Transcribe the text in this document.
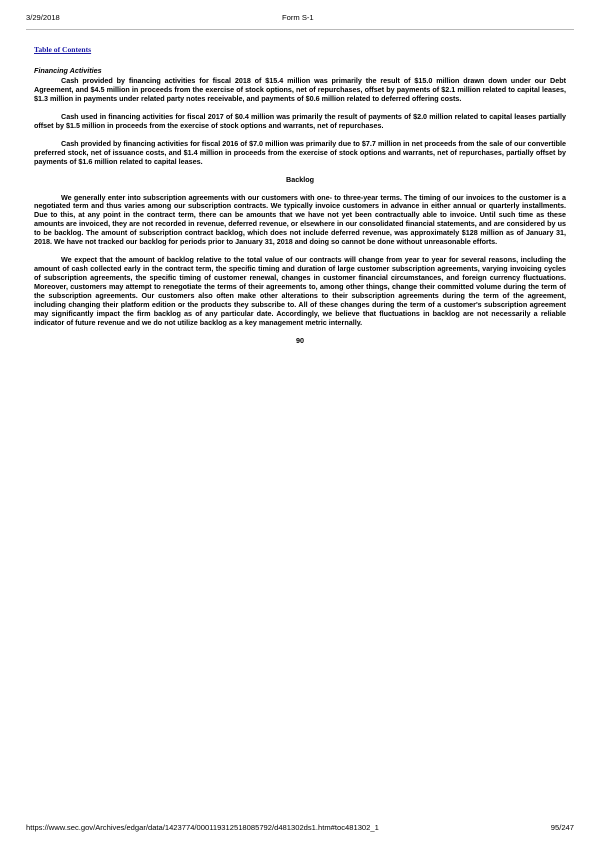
3/29/2018	Form S-1
Table of Contents

Financing Activities

Cash provided by financing activities for fiscal 2018 of $15.4 million was primarily the result of $15.0 million drawn down under our Debt Agreement, and $4.5 million in proceeds from the exercise of stock options, net of repurchases, offset by payments of $2.1 million related to capital leases, $1.3 million in payments under related party notes receivable, and payments of $0.6 million related to deferred offering costs.

Cash used in financing activities for fiscal 2017 of $0.4 million was primarily the result of payments of $2.0 million related to capital leases partially offset by $1.5 million in proceeds from the exercise of stock options and warrants, net of repurchases.

Cash provided by financing activities for fiscal 2016 of $7.0 million was primarily due to $7.7 million in net proceeds from the sale of our convertible preferred stock, net of issuance costs, and $1.4 million in proceeds from the exercise of stock options and warrants, net of repurchases, partially offset by payments of $1.6 million related to capital leases.

Backlog

We generally enter into subscription agreements with our customers with one- to three-year terms. The timing of our invoices to the customer is a negotiated term and thus varies among our subscription contracts. We typically invoice customers in advance in either annual or quarterly installments. Due to this, at any point in the contract term, there can be amounts that we have not yet been contractually able to invoice. Until such time as these amounts are invoiced, they are not recorded in revenue, deferred revenue, or elsewhere in our consolidated financial statements, and are considered by us to be backlog. The amount of subscription contract backlog, which does not include deferred revenue, was approximately $128 million as of January 31, 2018. We have not tracked our backlog for periods prior to January 31, 2018 and doing so cannot be done without unreasonable efforts.

We expect that the amount of backlog relative to the total value of our contracts will change from year to year for several reasons, including the amount of cash collected early in the contract term, the specific timing and duration of large customer subscription agreements, varying invoicing cycles of subscription agreements, the specific timing of customer renewal, changes in customer financial circumstances, and foreign currency fluctuations. Moreover, customers may attempt to renegotiate the terms of their agreements to, among other things, change their committed volume during the term of the subscription agreements. Our customers also often make other alterations to their subscription agreements during the term of the agreement, including changing their platform edition or the products they subscribe to. All of these changes during the term of a customer's subscription agreement may significantly impact the firm backlog as of any particular date. Accordingly, we believe that fluctuations in backlog are not necessarily a reliable indicator of future revenue and we do not utilize backlog as a key management metric internally.

90
https://www.sec.gov/Archives/edgar/data/1423774/000119312518085792/d481302ds1.htm#toc481302_1	95/247
